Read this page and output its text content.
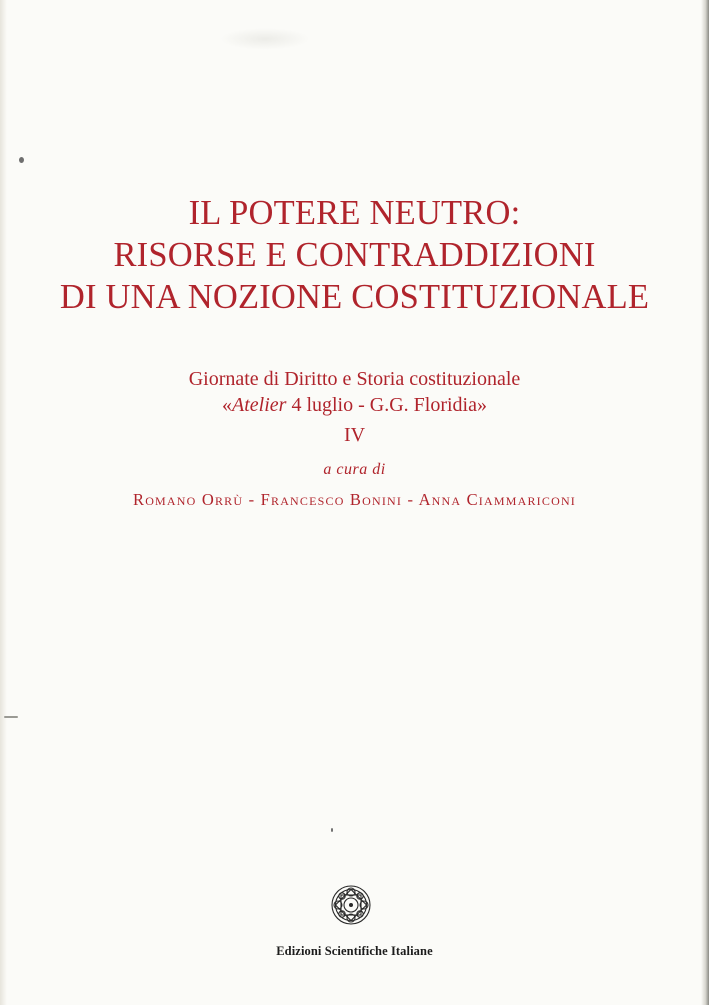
IL POTERE NEUTRO:
RISORSE E CONTRADDIZIONI
DI UNA NOZIONE COSTITUZIONALE
Giornate di Diritto e Storia costituzionale
«Atelier 4 luglio - G.G. Floridia»
IV
a cura di
Romano Orrù - Francesco Bonini - Anna Ciammariconi
Edizioni Scientifiche Italiane
